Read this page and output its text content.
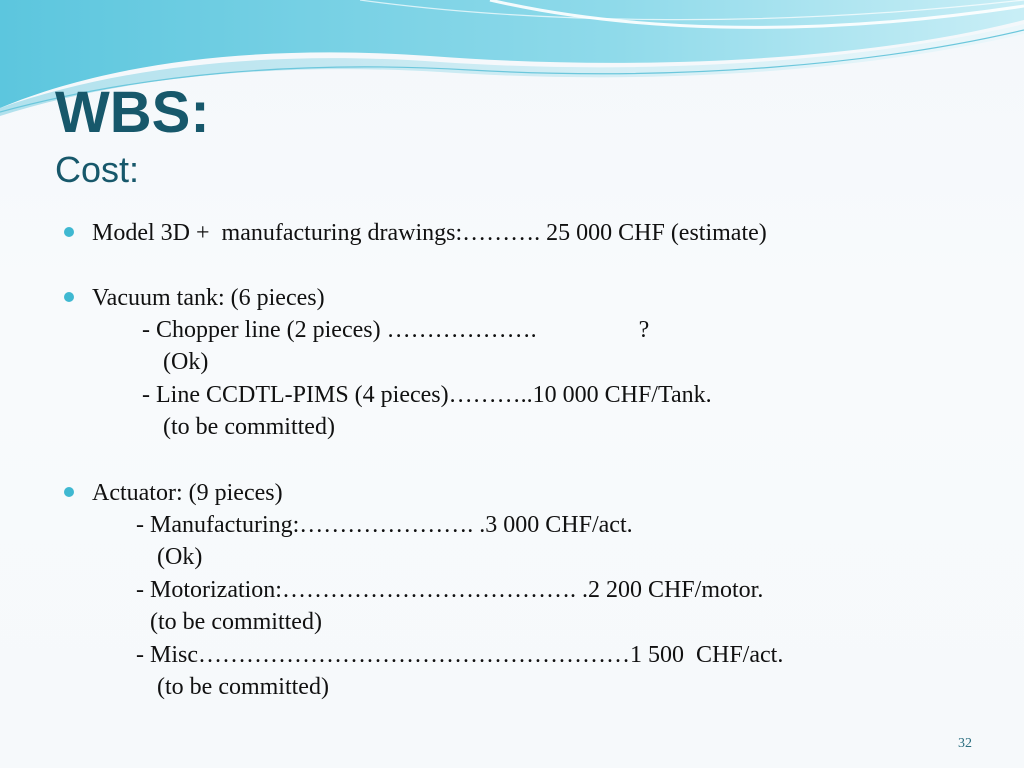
WBS:
Cost:
Model 3D +  manufacturing drawings:………. 25 000 CHF (estimate)
Vacuum tank: (6 pieces)
- Chopper line (2 pieces) ……………….                 ?
(Ok)
- Line CCDTL-PIMS (4 pieces)………..10 000 CHF/Tank.
(to be committed)
Actuator: (9 pieces)
- Manufacturing:…………………. .3 000 CHF/act.
(Ok)
- Motorization:………………………………. .2 200 CHF/motor.
(to be committed)
- Misc………………………………………………1 500  CHF/act.
(to be committed)
32
